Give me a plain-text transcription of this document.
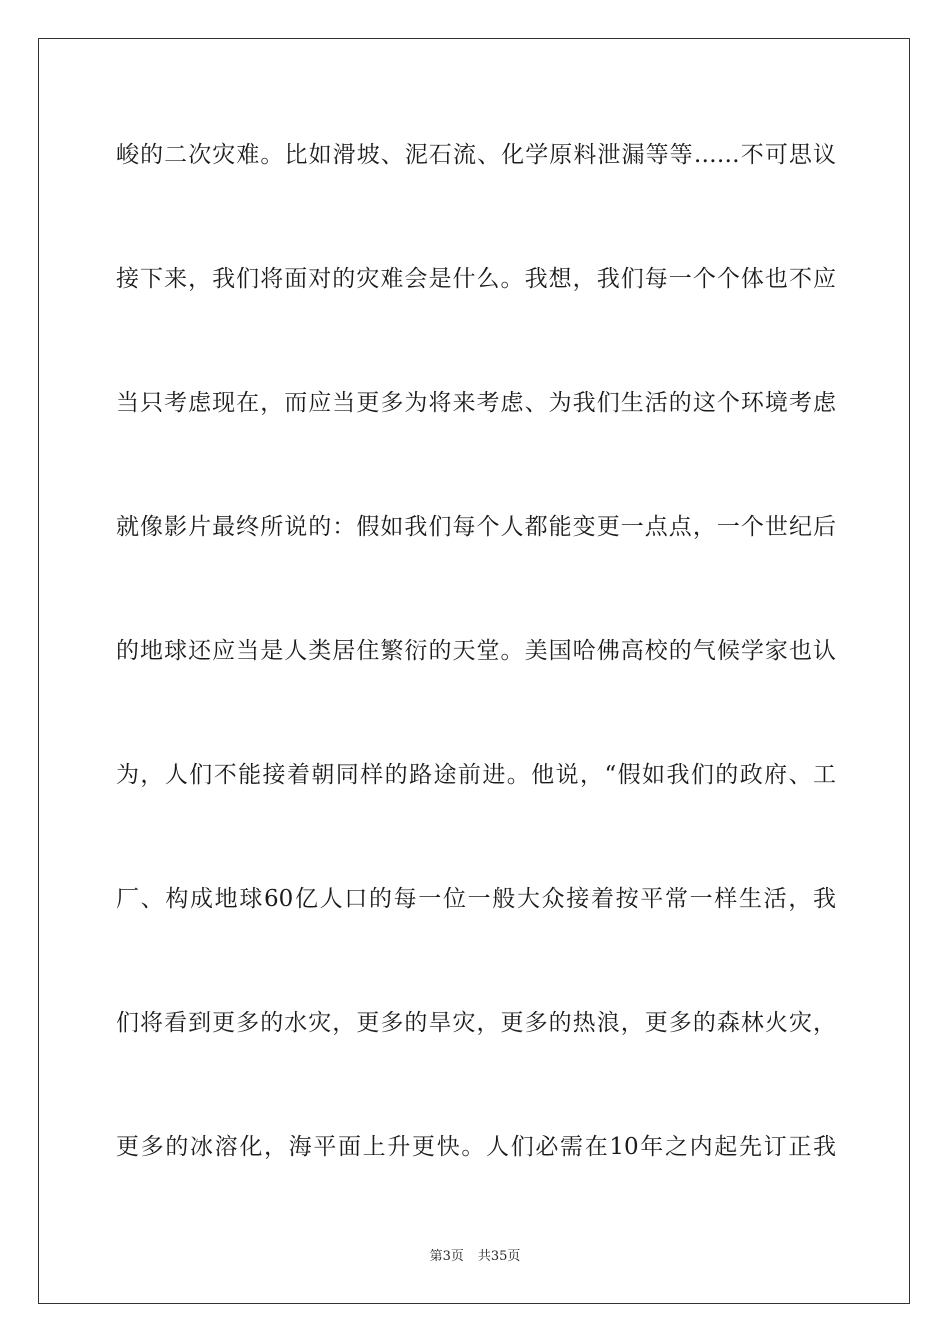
峻的二次灾难。比如滑坡、泥石流、化学原料泄漏等等……不可思议
接下来，我们将面对的灾难会是什么。我想，我们每一个个体也不应
当只考虑现在，而应当更多为将来考虑、为我们生活的这个环境考虑
就像影片最终所说的：假如我们每个人都能变更一点点，一个世纪后
的地球还应当是人类居住繁衍的天堂。美国哈佛高校的气候学家也认
为，人们不能接着朝同样的路途前进。他说，“假如我们的政府、工
厂、构成地球60亿人口的每一位一般大众接着按平常一样生活，我
们将看到更多的水灾，更多的旱灾，更多的热浪，更多的森林火灾，
更多的冰溶化，海平面上升更快。人们必需在10年之内起先订正我
第3页 共35页
